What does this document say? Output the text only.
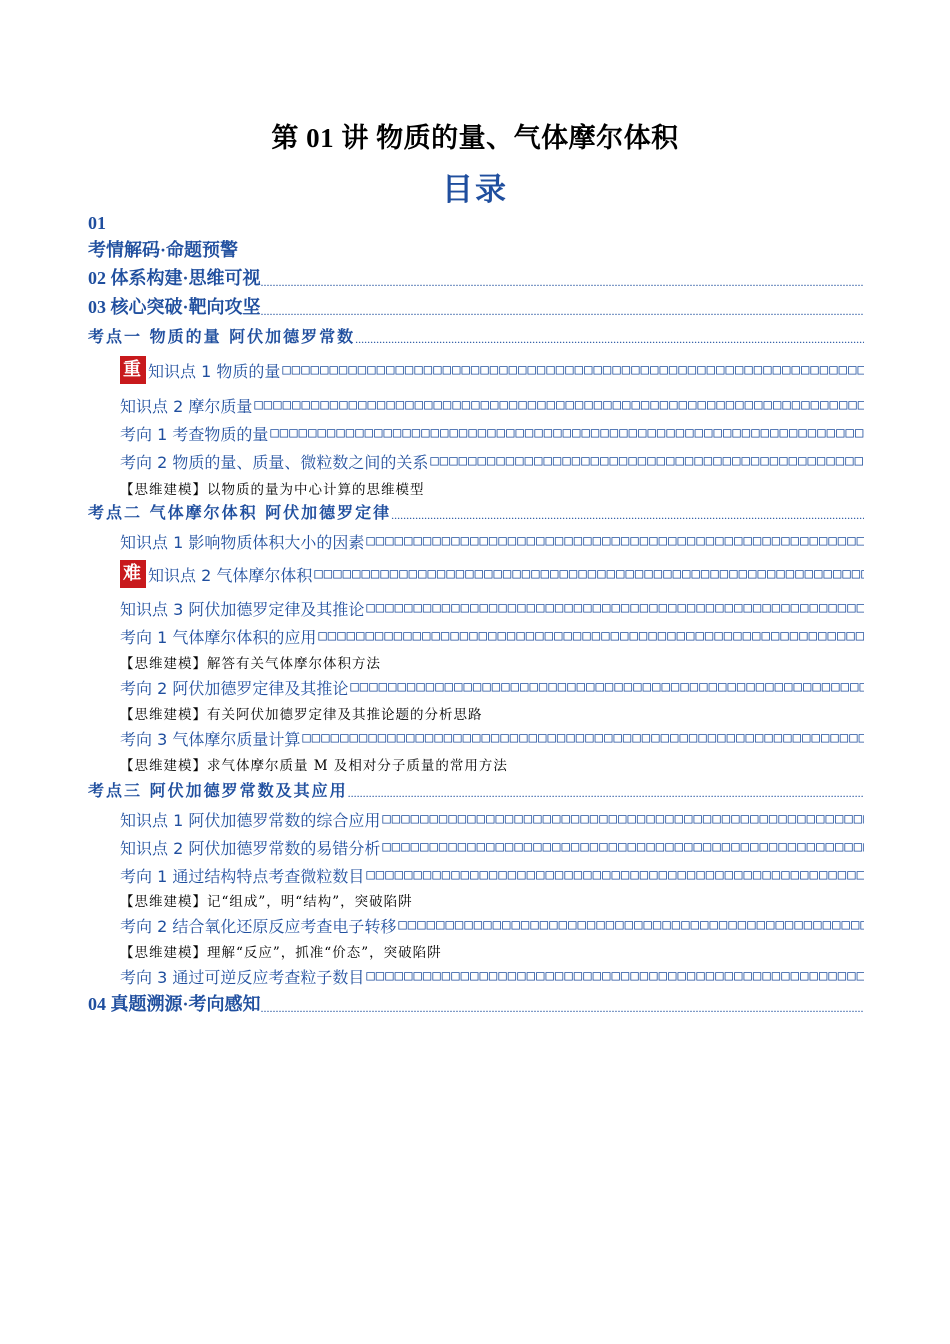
第 01 讲 物质的量、气体摩尔体积
目录
01
考情解码·命题预警
02 体系构建·思维可视
.....
03 核心突破·靶向攻坚
.....
考点一 物质的量 阿伏加德罗常数
.....
重 知识点 1 物质的量
□□□□□□□□□□□□□□□□□□□□□□□□□□□□□□□□□□□□□□□□□□□□□□□□□□□□□□□□□□□□□□□□□□□□□□□□□□□□□□□□□□□□□□□□
知识点 2 摩尔质量
□□□□□□□□□□□□□□□□□□□□□□□□□□□□□□□□□□□□□□□□□□□□□□□□□□□□□□□□□□□□□□□□□□□□□□□□□□□□□□□□□□□□□□□□
考向 1 考查物质的量
□□□□□□□□□□□□□□□□□□□□□□□□□□□□□□□□□□□□□□□□□□□□□□□□□□□□□□□□□□□□□□□□□□□□□□□□□□□□□□□□□□□□□□□□
考向 2 物质的量、质量、微粒数之间的关系
□□□□□□□□□□□□□□□□□□□□□□□□□□□□□□□□□□□□□□□□□□□□□□□□□□□□□□□□□□□□□□□□□□□□□□□□□□□□□□□□□□□□□□□□
【思维建模】以物质的量为中心计算的思维模型
考点二 气体摩尔体积 阿伏加德罗定律
.....
知识点 1 影响物质体积大小的因素
□□□□□□□□□□□□□□□□□□□□□□□□□□□□□□□□□□□□□□□□□□□□□□□□□□□□□□□□□□□□□□□□□□□□□□□□□□□□□□□□□□□□□□□□
难 知识点 2 气体摩尔体积
□□□□□□□□□□□□□□□□□□□□□□□□□□□□□□□□□□□□□□□□□□□□□□□□□□□□□□□□□□□□□□□□□□□□□□□□□□□□□□□□□□□□□□□□
知识点 3 阿伏加德罗定律及其推论
□□□□□□□□□□□□□□□□□□□□□□□□□□□□□□□□□□□□□□□□□□□□□□□□□□□□□□□□□□□□□□□□□□□□□□□□□□□□□□□□□□□□□□□□
考向 1 气体摩尔体积的应用
□□□□□□□□□□□□□□□□□□□□□□□□□□□□□□□□□□□□□□□□□□□□□□□□□□□□□□□□□□□□□□□□□□□□□□□□□□□□□□□□□□□□□□□□
【思维建模】解答有关气体摩尔体积方法
考向 2 阿伏加德罗定律及其推论
□□□□□□□□□□□□□□□□□□□□□□□□□□□□□□□□□□□□□□□□□□□□□□□□□□□□□□□□□□□□□□□□□□□□□□□□□□□□□□□□□□□□□□□□
【思维建模】有关阿伏加德罗定律及其推论题的分析思路
考向 3 气体摩尔质量计算
□□□□□□□□□□□□□□□□□□□□□□□□□□□□□□□□□□□□□□□□□□□□□□□□□□□□□□□□□□□□□□□□□□□□□□□□□□□□□□□□□□□□□□□□
【思维建模】求气体摩尔质量 M 及相对分子质量的常用方法
考点三 阿伏加德罗常数及其应用
.....
知识点 1 阿伏加德罗常数的综合应用
□□□□□□□□□□□□□□□□□□□□□□□□□□□□□□□□□□□□□□□□□□□□□□□□□□□□□□□□□□□□□□□□□□□□□□□□□□□□□□□□□□□□□□□□
知识点 2 阿伏加德罗常数的易错分析
□□□□□□□□□□□□□□□□□□□□□□□□□□□□□□□□□□□□□□□□□□□□□□□□□□□□□□□□□□□□□□□□□□□□□□□□□□□□□□□□□□□□□□□□
考向 1 通过结构特点考查微粒数目
□□□□□□□□□□□□□□□□□□□□□□□□□□□□□□□□□□□□□□□□□□□□□□□□□□□□□□□□□□□□□□□□□□□□□□□□□□□□□□□□□□□□□□□□
【思维建模】记“组成”，明“结构”，突破陷阱
考向 2 结合氧化还原反应考查电子转移
□□□□□□□□□□□□□□□□□□□□□□□□□□□□□□□□□□□□□□□□□□□□□□□□□□□□□□□□□□□□□□□□□□□□□□□□□□□□□□□□□□□□□□□□
【思维建模】理解“反应”，抓准“价态”，突破陷阱
考向 3 通过可逆反应考查粒子数目
□□□□□□□□□□□□□□□□□□□□□□□□□□□□□□□□□□□□□□□□□□□□□□□□□□□□□□□□□□□□□□□□□□□□□□□□□□□□□□□□□□□□□□□□
04 真题溯源·考向感知
.....
